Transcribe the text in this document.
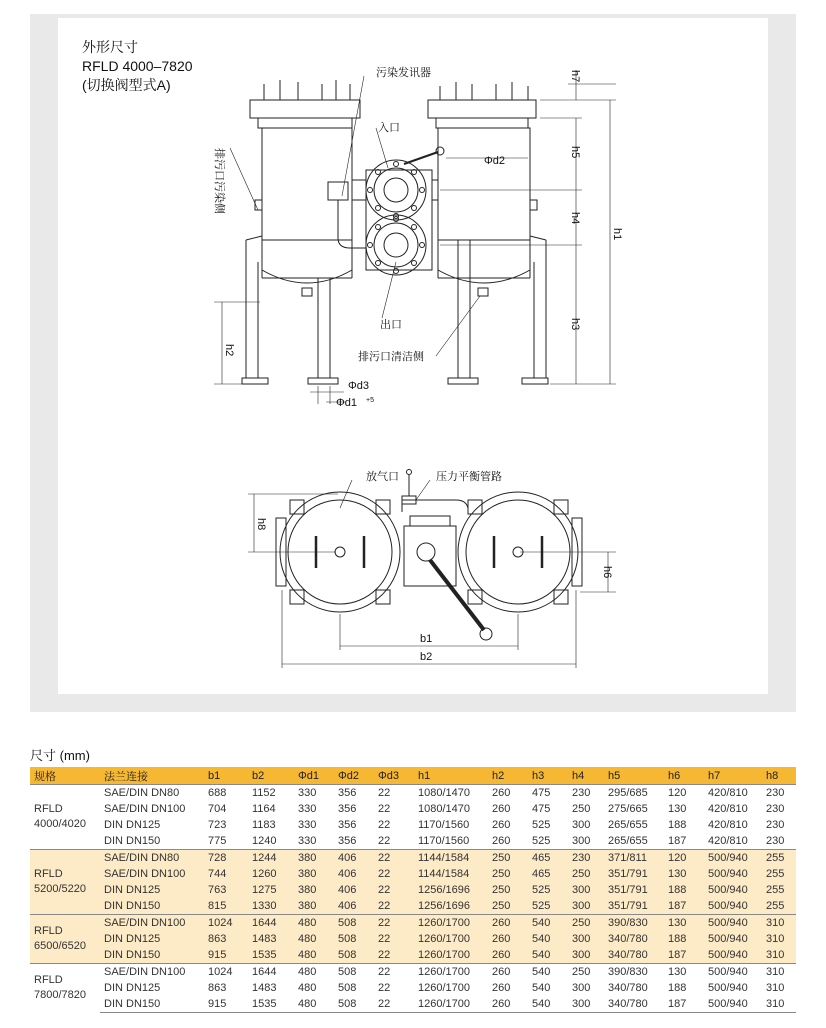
外形尺寸
RFLD 4000–7820
(切换阀型式A)
污染发讯器
入口
出口
排污口清洁侧
排污口污染侧
放气口	压力平衡管路
Φd2
Φd3
Φd1 +5
h7
h5
h4
h3
h1
h2
h8
h6
b1
b2
尺寸 (mm)
规格	法兰连接	b1	b2	Φd1	Φd2	Φd3	h1	h2	h3	h4	h5	h6	h7	h8

RFLD
4000/4020	SAE/DIN DN80	688	1152	330	356	22	1080/1470	260	475	230	295/685	120	420/810	230
	SAE/DIN DN100	704	1164	330	356	22	1080/1470	260	475	250	275/665	130	420/810	230
	DIN DN125	723	1183	330	356	22	1170/1560	260	525	300	265/655	188	420/810	230
	DIN DN150	775	1240	330	356	22	1170/1560	260	525	300	265/655	187	420/810	230

RFLD
5200/5220	SAE/DIN DN80	728	1244	380	406	22	1144/1584	250	465	230	371/811	120	500/940	255
	SAE/DIN DN100	744	1260	380	406	22	1144/1584	250	465	250	351/791	130	500/940	255
	DIN DN125	763	1275	380	406	22	1256/1696	250	525	300	351/791	188	500/940	255
	DIN DN150	815	1330	380	406	22	1256/1696	250	525	300	351/791	187	500/940	255

RFLD
6500/6520	SAE/DIN DN100	1024	1644	480	508	22	1260/1700	260	540	250	390/830	130	500/940	310
	DIN DN125	863	1483	480	508	22	1260/1700	260	540	300	340/780	188	500/940	310
	DIN DN150	915	1535	480	508	22	1260/1700	260	540	300	340/780	187	500/940	310

RFLD
7800/7820	SAE/DIN DN100	1024	1644	480	508	22	1260/1700	260	540	250	390/830	130	500/940	310
	DIN DN125	863	1483	480	508	22	1260/1700	260	540	300	340/780	188	500/940	310
	DIN DN150	915	1535	480	508	22	1260/1700	260	540	300	340/780	187	500/940	310
